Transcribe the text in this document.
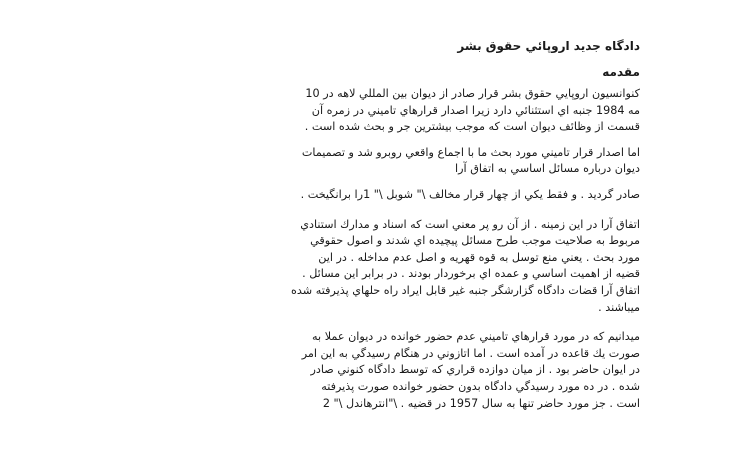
دادگاه جديد اروپائي حقوق بشر
مقدمه
كنوانسيون اروپايي حقوق بشر قرار صادر از ديوان بين المللي لاهه در 10
مه 1984 جنبه اي استثنائي دارد زيرا اصدار قرارهاي تاميني در زمره آن
قسمت از وظائف ديوان است كه موجب بيشترين جر و بحث شده است .
اما اصدار قرار تاميني مورد بحث ما با اجماع واقعي روبرو شد و تصميمات
ديوان درباره مسائل اساسي به اتفاق آرا
صادر گرديد . و فقط يكي از چهار قرار مخالف \" شوبل \" 1را برانگيخت .
اتفاق آرا در اين زمينه . از آن رو پر معني است كه اسناد و مدارك استنادي
مربوط به صلاحيت موجب طرح مسائل پيچيده اي شدند و اصول حقوقي
مورد بحث . يعني منع توسل به قوه قهريه و اصل عدم مداخله . در اين
قضيه از اهميت اساسي و عمده اي برخوردار بودند . در برابر اين مسائل .
اتفاق آرا قضات دادگاه گزارشگر جنبه غير قابل ايراد راه حلهاي پذيرفته شده
ميباشند .
ميدانيم كه در مورد قرارهاي تاميني عدم حضور خوانده در ديوان عملا به
صورت يك قاعده در آمده است . اما اتازوني در هنگام رسيدگي به اين امر
در ايوان حاضر بود . از ميان دوازده قراري كه توسط دادگاه كنوني صادر
شده . در ده مورد رسيدگي دادگاه بدون حضور خوانده صورت پذيرفته
است . جز مورد حاضر تنها به سال 1957 در قضيه . \"انترهاندل \" 2
